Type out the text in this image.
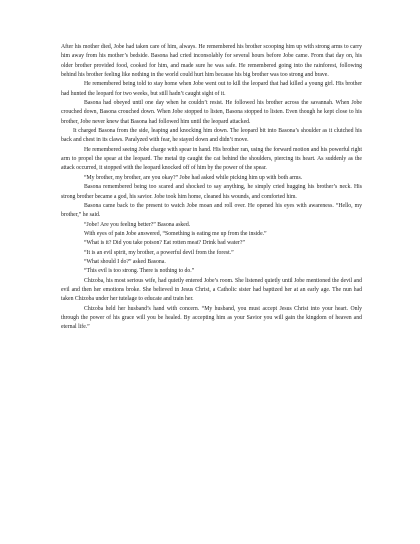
After his mother died, Jobe had taken care of him, always. He remembered his brother scooping him up with strong arms to carry him away from his mother’s bedside. Basona had cried inconsolably for several hours before Jobe came. From that day on, his older brother provided food, cooked for him, and made sure he was safe. He remembered going into the rainforest, following behind his brother feeling like nothing in the world could hurt him because his big brother was too strong and brave.

He remembered being told to stay home when Jobe went out to kill the leopard that had killed a young girl. His brother had hunted the leopard for two weeks, but still hadn’t caught sight of it.

Basona had obeyed until one day when he couldn’t resist. He followed his brother across the savannah. When Jobe crouched down, Basona crouched down. When Jobe stopped to listen, Basona stopped to listen. Even though he kept close to his brother, Jobe never knew that Basona had followed him until the leopard attacked.

It charged Basona from the side, leaping and knocking him down. The leopard bit into Basona’s shoulder as it clutched his back and chest in its claws. Paralyzed with fear, he stayed down and didn’t move.

He remembered seeing Jobe charge with spear in hand. His brother ran, using the forward motion and his powerful right arm to propel the spear at the leopard. The metal tip caught the cat behind the shoulders, piercing its heart. As suddenly as the attack occurred, it stopped with the leopard knocked off of him by the power of the spear.

“My brother, my brother, are you okay?” Jobe had asked while picking him up with both arms.

Basona remembered being too scared and shocked to say anything, he simply cried hugging his brother’s neck. His strong brother became a god, his savior. Jobe took him home, cleaned his wounds, and comforted him.

Basona came back to the present to watch Jobe moan and roll over. He opened his eyes with awareness. “Hello, my brother,” he said.

“Jobe! Are you feeling better?” Basona asked.

With eyes of pain Jobe answered, “Something is eating me up from the inside.”

“What is it? Did you take poison? Eat rotten meat? Drink bad water?”

“It is an evil spirit, my brother, a powerful devil from the forest.”

“What should I do?” asked Basona.

“This evil is too strong. There is nothing to do.”

Chizoba, his most serious wife, had quietly entered Jobe’s room. She listened quietly until Jobe mentioned the devil and evil and then her emotions broke. She believed in Jesus Christ, a Catholic sister had baptized her at an early age. The nun had taken Chizoba under her tutelage to educate and train her.

Chizoba held her husband’s hand with concern. “My husband, you must accept Jesus Christ into your heart. Only through the power of his grace will you be healed. By accepting him as your Savior you will gain the kingdom of heaven and eternal life.”
